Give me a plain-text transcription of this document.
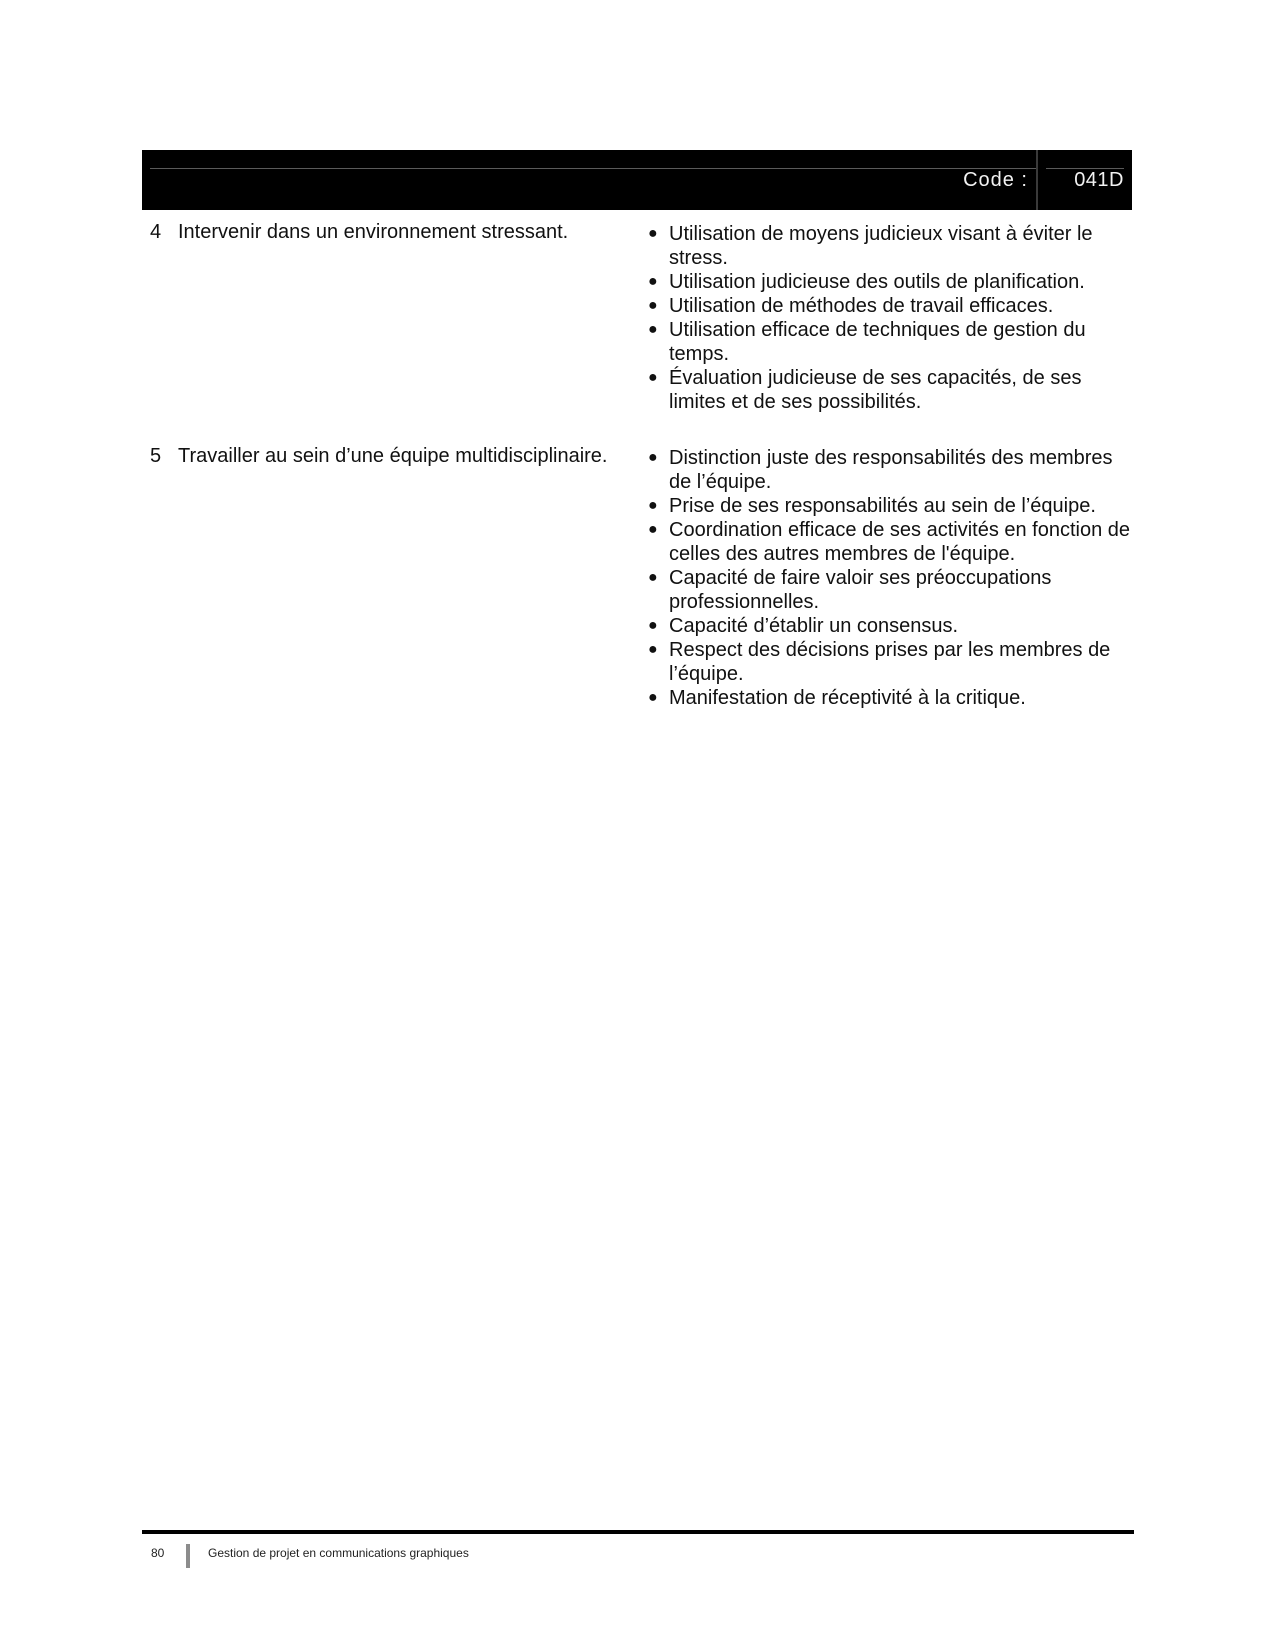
Code : 041D
4 Intervenir dans un environnement stressant.	● Utilisation de moyens judicieux visant à éviter le stress.
● Utilisation judicieuse des outils de planification.
● Utilisation de méthodes de travail efficaces.
● Utilisation efficace de techniques de gestion du temps.
● Évaluation judicieuse de ses capacités, de ses limites et de ses possibilités.
5 Travailler au sein d’une équipe multidisciplinaire.	● Distinction juste des responsabilités des membres de l’équipe.
● Prise de ses responsabilités au sein de l’équipe.
● Coordination efficace de ses activités en fonction de celles des autres membres de l'équipe.
● Capacité de faire valoir ses préoccupations professionnelles.
● Capacité d’établir un consensus.
● Respect des décisions prises par les membres de l’équipe.
● Manifestation de réceptivité à la critique.
80	Gestion de projet en communications graphiques
